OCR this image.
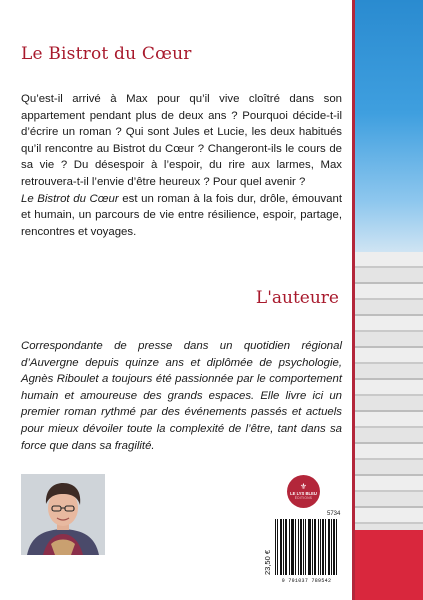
Le Bistrot du Cœur

Qu’est-il arrivé à Max pour qu’il vive cloîtré dans son appartement pendant plus de deux ans ? Pourquoi décide-t-il d’écrire un roman ? Qui sont Jules et Lucie, les deux habitués qu’il rencontre au Bistrot du Cœur ? Changeront-ils le cours de sa vie ? Du désespoir à l’espoir, du rire aux larmes, Max retrouvera-t-il l’envie d’être heureux ? Pour quel avenir ?
Le Bistrot du Cœur est un roman à la fois dur, drôle, émouvant et humain, un parcours de vie entre résilience, espoir, partage, rencontres et voyages.

L'auteure

Correspondante de presse dans un quotidien régional d’Auvergne depuis quinze ans et diplômée de psychologie, Agnès Riboulet a toujours été passionnée par le comportement humain et amoureuse des grands espaces. Elle livre ici un premier roman rythmé par des événements passés et actuels pour mieux dévoiler toute la complexité de l’être, tant dans sa force que dans sa fragilité.

⚜
LE LYS BLEU
ÉDITIONS
5734
23,50 €
9 791037 789542
